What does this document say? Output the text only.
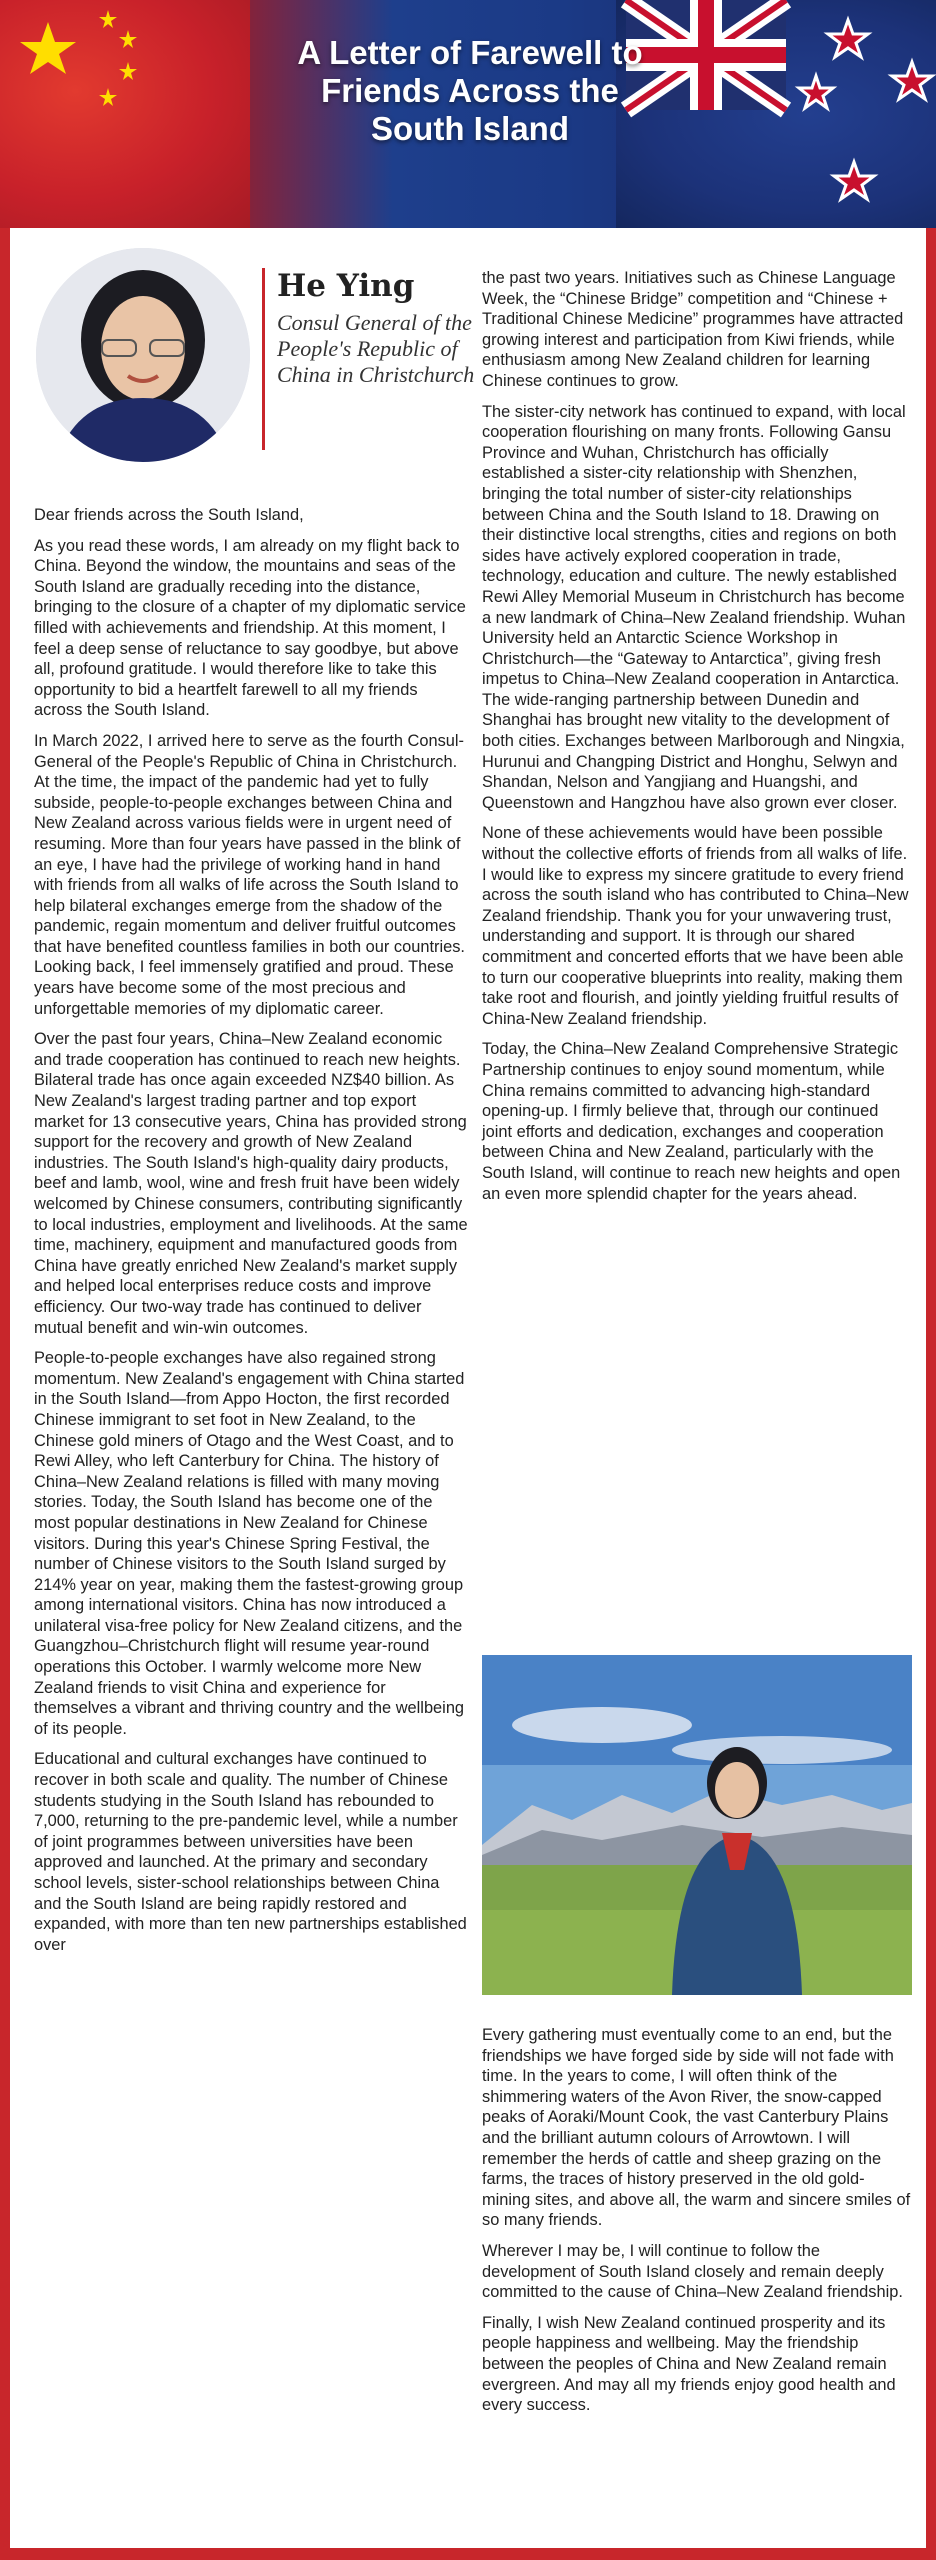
A Letter of Farewell to Friends Across the South Island
He Ying
Consul General of the People's Republic of China in Christchurch

Dear friends across the South Island,

As you read these words, I am already on my flight back to China. Beyond the window, the mountains and seas of the South Island are gradually receding into the distance, bringing to the closure of a chapter of my diplomatic service filled with achievements and friendship. At this moment, I feel a deep sense of reluctance to say goodbye, but above all, profound gratitude. I would therefore like to take this opportunity to bid a heartfelt farewell to all my friends across the South Island.

In March 2022, I arrived here to serve as the fourth Consul-General of the People's Republic of China in Christchurch. At the time, the impact of the pandemic had yet to fully subside, people-to-people exchanges between China and New Zealand across various fields were in urgent need of resuming. More than four years have passed in the blink of an eye, I have had the privilege of working hand in hand with friends from all walks of life across the South Island to help bilateral exchanges emerge from the shadow of the pandemic, regain momentum and deliver fruitful outcomes that have benefited countless families in both our countries. Looking back, I feel immensely gratified and proud. These years have become some of the most precious and unforgettable memories of my diplomatic career.

Over the past four years, China–New Zealand economic and trade cooperation has continued to reach new heights. Bilateral trade has once again exceeded NZ$40 billion. As New Zealand's largest trading partner and top export market for 13 consecutive years, China has provided strong support for the recovery and growth of New Zealand industries. The South Island's high-quality dairy products, beef and lamb, wool, wine and fresh fruit have been widely welcomed by Chinese consumers, contributing significantly to local industries, employment and livelihoods. At the same time, machinery, equipment and manufactured goods from China have greatly enriched New Zealand's market supply and helped local enterprises reduce costs and improve efficiency. Our two-way trade has continued to deliver mutual benefit and win-win outcomes.

People-to-people exchanges have also regained strong momentum. New Zealand's engagement with China started in the South Island—from Appo Hocton, the first recorded Chinese immigrant to set foot in New Zealand, to the Chinese gold miners of Otago and the West Coast, and to Rewi Alley, who left Canterbury for China. The history of China–New Zealand relations is filled with many moving stories. Today, the South Island has become one of the most popular destinations in New Zealand for Chinese visitors. During this year's Chinese Spring Festival, the number of Chinese visitors to the South Island surged by 214% year on year, making them the fastest-growing group among international visitors. China has now introduced a unilateral visa-free policy for New Zealand citizens, and the Guangzhou–Christchurch flight will resume year-round operations this October. I warmly welcome more New Zealand friends to visit China and experience for themselves a vibrant and thriving country and the wellbeing of its people.

Educational and cultural exchanges have continued to recover in both scale and quality. The number of Chinese students studying in the South Island has rebounded to 7,000, returning to the pre-pandemic level, while a number of joint programmes between universities have been approved and launched. At the primary and secondary school levels, sister-school relationships between China and the South Island are being rapidly restored and expanded, with more than ten new partnerships established over

the past two years. Initiatives such as Chinese Language Week, the “Chinese Bridge” competition and “Chinese + Traditional Chinese Medicine” programmes have attracted growing interest and participation from Kiwi friends, while enthusiasm among New Zealand children for learning Chinese continues to grow.

The sister-city network has continued to expand, with local cooperation flourishing on many fronts. Following Gansu Province and Wuhan, Christchurch has officially established a sister-city relationship with Shenzhen, bringing the total number of sister-city relationships between China and the South Island to 18. Drawing on their distinctive local strengths, cities and regions on both sides have actively explored cooperation in trade, technology, education and culture. The newly established Rewi Alley Memorial Museum in Christchurch has become a new landmark of China–New Zealand friendship. Wuhan University held an Antarctic Science Workshop in Christchurch—the “Gateway to Antarctica”, giving fresh impetus to China–New Zealand cooperation in Antarctica. The wide-ranging partnership between Dunedin and Shanghai has brought new vitality to the development of both cities. Exchanges between Marlborough and Ningxia, Hurunui and Changping District and Honghu, Selwyn and Shandan, Nelson and Yangjiang and Huangshi, and Queenstown and Hangzhou have also grown ever closer.

None of these achievements would have been possible without the collective efforts of friends from all walks of life. I would like to express my sincere gratitude to every friend across the south island who has contributed to China–New Zealand friendship. Thank you for your unwavering trust, understanding and support. It is through our shared commitment and concerted efforts that we have been able to turn our cooperative blueprints into reality, making them take root and flourish, and jointly yielding fruitful results of China-New Zealand friendship.

Today, the China–New Zealand Comprehensive Strategic Partnership continues to enjoy sound momentum, while China remains committed to advancing high-standard opening-up. I firmly believe that, through our continued joint efforts and dedication, exchanges and cooperation between China and New Zealand, particularly with the South Island, will continue to reach new heights and open an even more splendid chapter for the years ahead.

Every gathering must eventually come to an end, but the friendships we have forged side by side will not fade with time. In the years to come, I will often think of the shimmering waters of the Avon River, the snow-capped peaks of Aoraki/Mount Cook, the vast Canterbury Plains and the brilliant autumn colours of Arrowtown. I will remember the herds of cattle and sheep grazing on the farms, the traces of history preserved in the old gold-mining sites, and above all, the warm and sincere smiles of so many friends.

Wherever I may be, I will continue to follow the development of South Island closely and remain deeply committed to the cause of China–New Zealand friendship.

Finally, I wish New Zealand continued prosperity and its people happiness and wellbeing. May the friendship between the peoples of China and New Zealand remain evergreen. And may all my friends enjoy good health and every success.
